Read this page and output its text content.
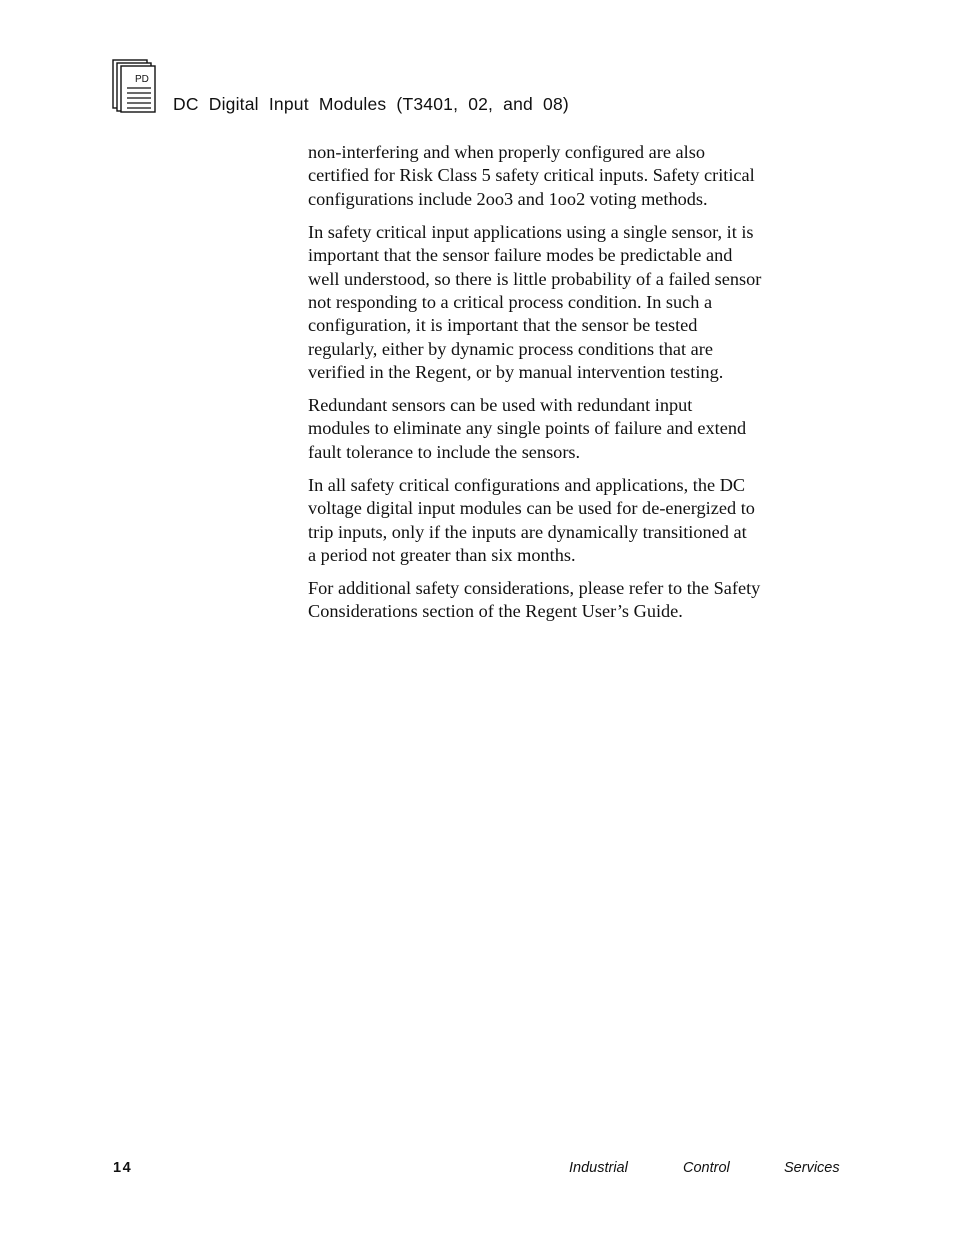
PD
DC Digital Input Modules (T3401, 02, and 08)

non-interfering and when properly configured are also
certified for Risk Class 5 safety critical inputs. Safety critical
configurations include 2oo3 and 1oo2 voting methods.

In safety critical input applications using a single sensor, it is
important that the sensor failure modes be predictable and
well understood, so there is little probability of a failed sensor
not responding to a critical process condition. In such a
configuration, it is important that the sensor be tested
regularly, either by dynamic process conditions that are
verified in the Regent, or by manual intervention testing.

Redundant sensors can be used with redundant input
modules to eliminate any single points of failure and extend
fault tolerance to include the sensors.

In all safety critical configurations and applications, the DC
voltage digital input modules can be used for de-energized to
trip inputs, only if the inputs are dynamically transitioned at
a period not greater than six months.

For additional safety considerations, please refer to the Safety
Considerations section of the Regent User’s Guide.

14	Industrial	Control	Services
